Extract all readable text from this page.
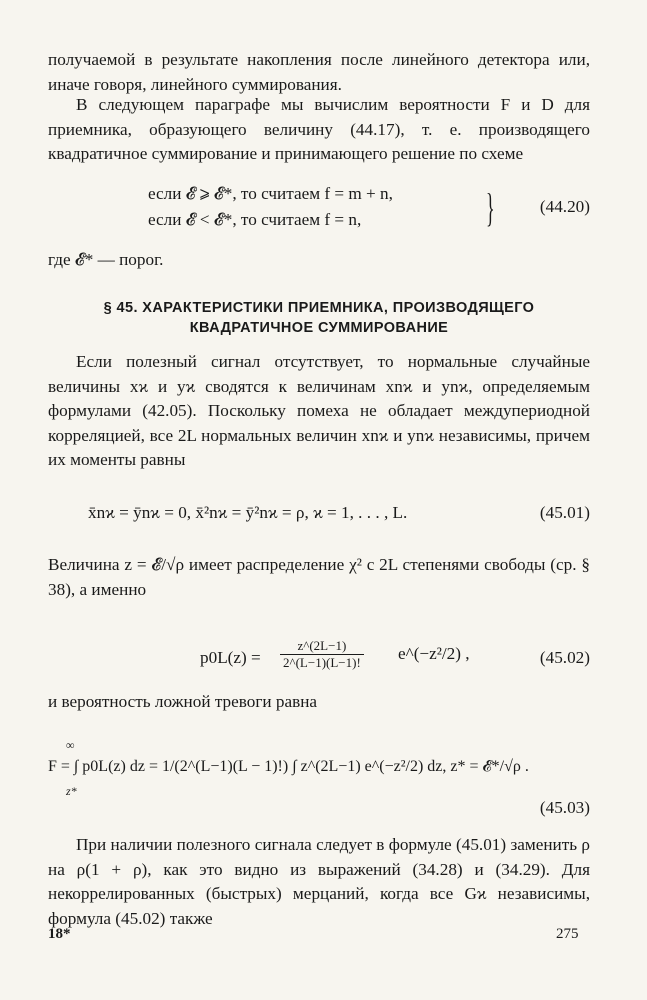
получаемой в результате накопления после линейного детектора или, иначе говоря, линейного суммирования.

В следующем параграфе мы вычислим вероятности F и D для приемника, образующего величину (44.17), т. е. производящего квадратичное суммирование и принимающего решение по схеме

если 𝓔 ⩾ 𝓔*, то считаем f = m + n,
если 𝓔 < 𝓔*, то считаем f = n,	}	(44.20)

где 𝓔* — порог.

§ 45. ХАРАКТЕРИСТИКИ ПРИЕМНИКА, ПРОИЗВОДЯЩЕГО
КВАДРАТИЧНОЕ СУММИРОВАНИЕ

Если полезный сигнал отсутствует, то нормальные случайные величины xϰ и yϰ сводятся к величинам xnϰ и ynϰ, определяемым формулами (42.05). Поскольку помеха не обладает междупериодной корреляцией, все 2L нормальных величин xnϰ и ynϰ независимы, причем их моменты равны

x̄nϰ = ȳnϰ = 0, x̄²nϰ = ȳ²nϰ = ρ, ϰ = 1, . . . , L.	(45.01)

Величина z = 𝓔/√ρ имеет распределение χ² с 2L степенями свободы (ср. § 38), а именно

$p0L(z) = \frac{z\^{}(2L-1)}{2\^{}(L-1)(L-1)!}$ e^(−z²/2) ,	(45.02)

и вероятность ложной тревоги равна

∞
F = ∫ p0L(z) dz = 1/(2^(L−1)(L − 1)!) ∫ z^(2L−1) e^(−z²/2) dz, z* = 𝓔*/√ρ .
z*
(45.03)

При наличии полезного сигнала следует в формуле (45.01) заменить ρ на ρ(1 + ρ), как это видно из выражений (34.28) и (34.29). Для некоррелированных (быстрых) мерцаний, когда все Gϰ независимы, формула (45.02) также

18*	275
